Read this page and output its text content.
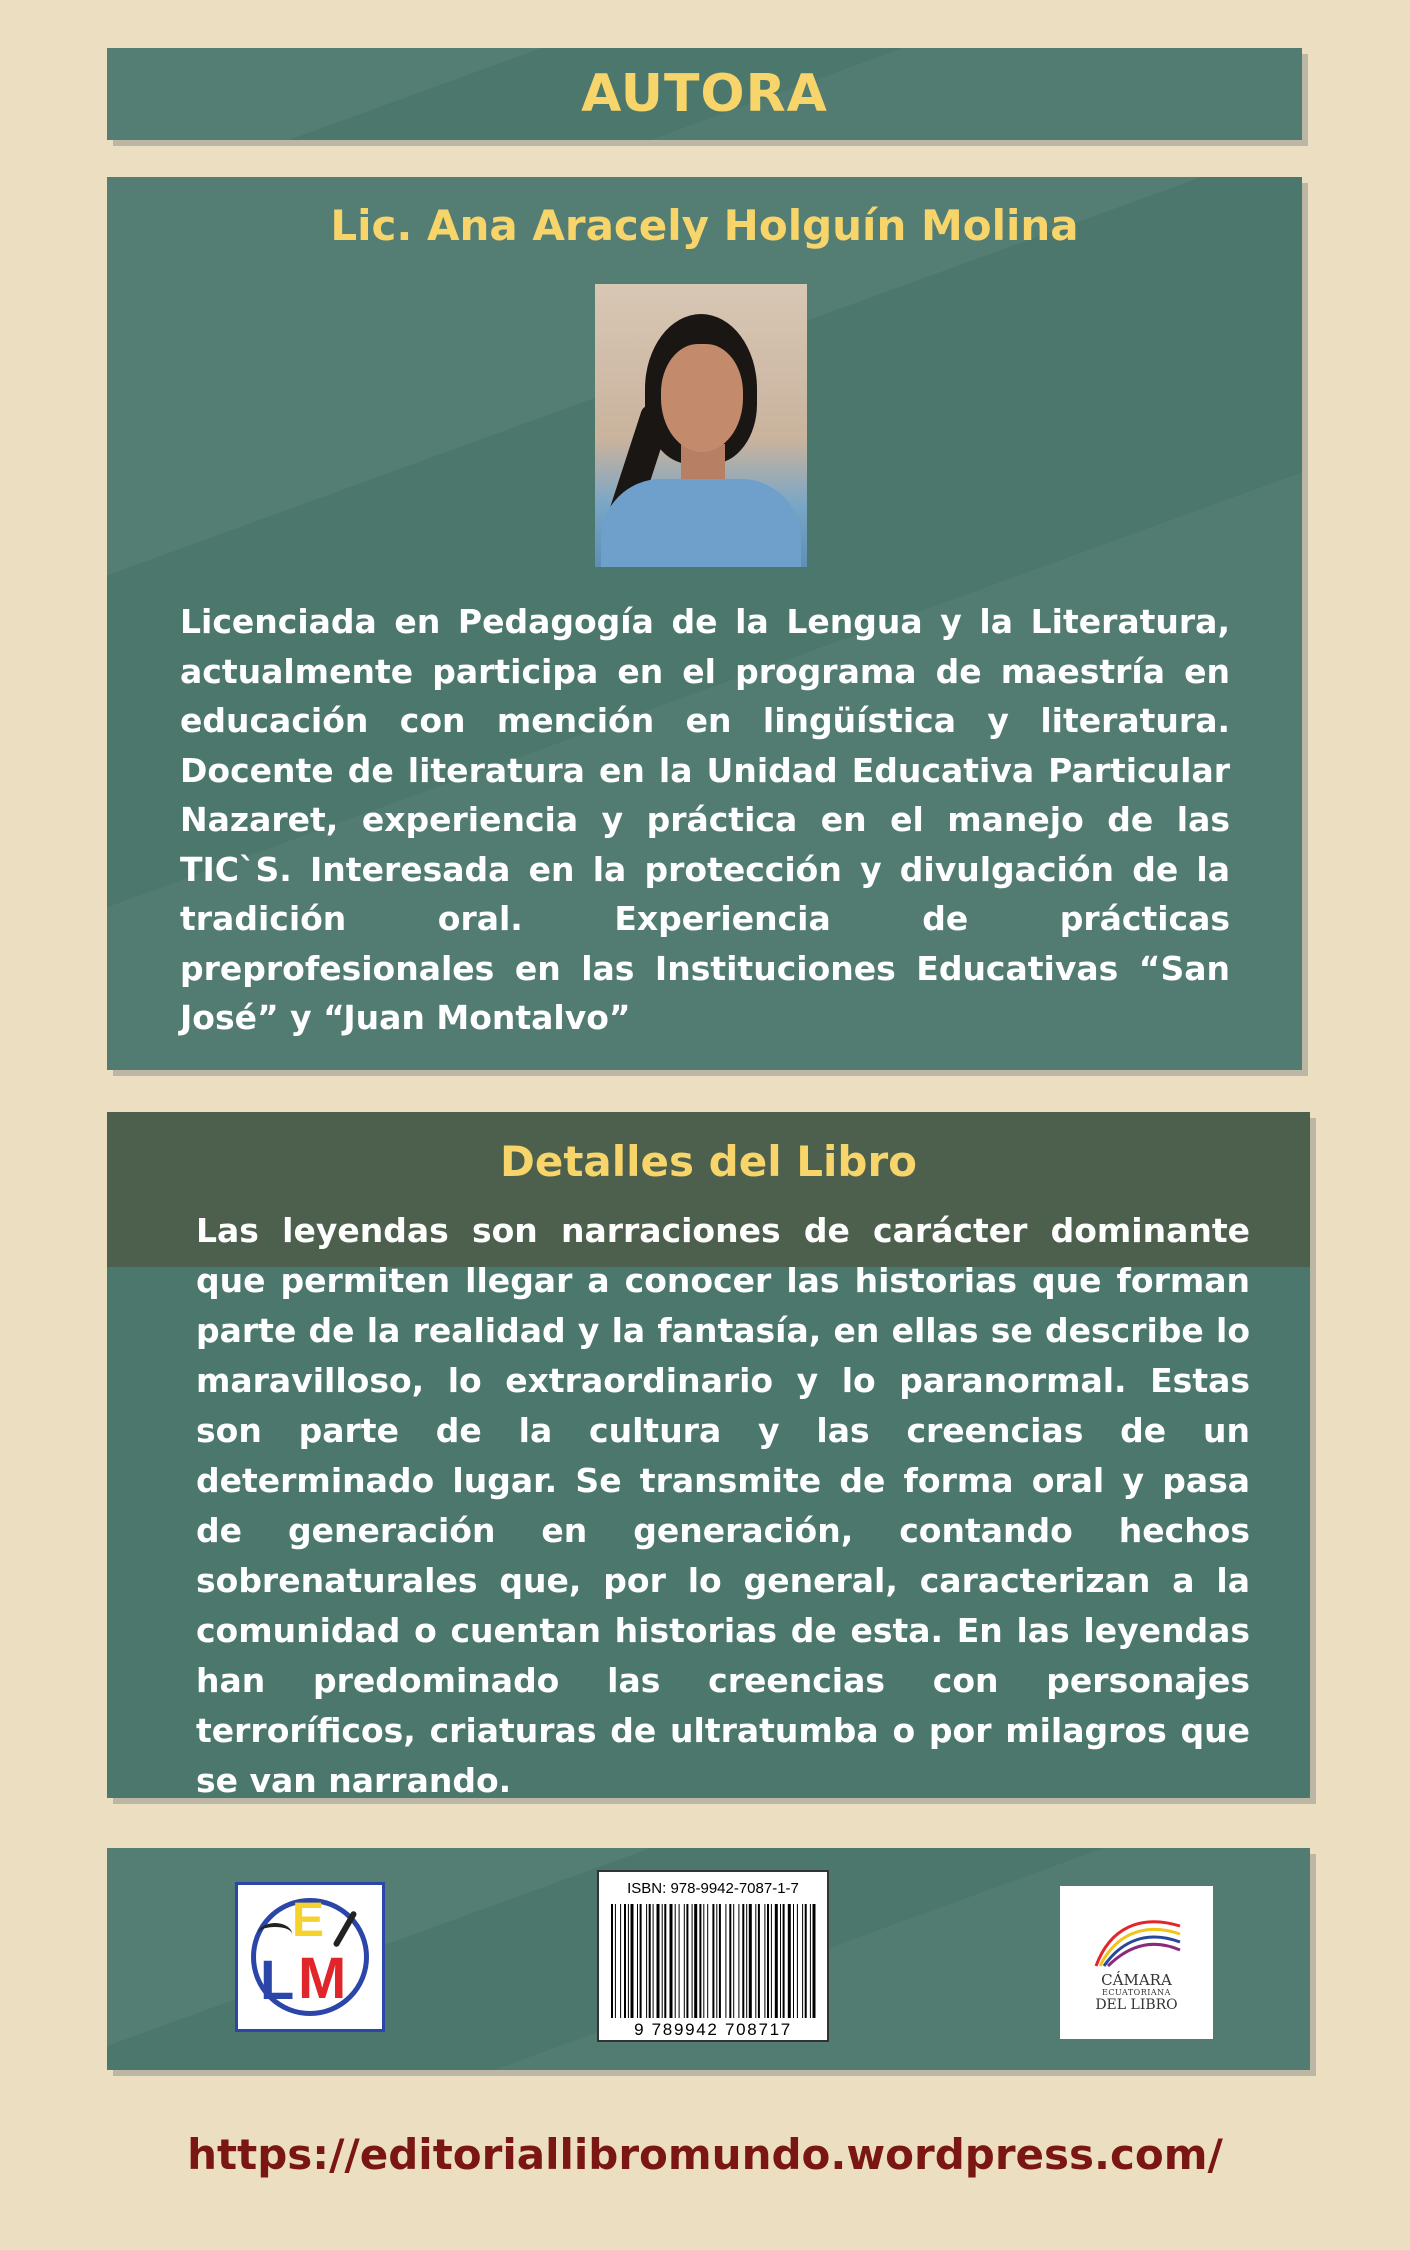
AUTORA
Lic. Ana Aracely Holguín Molina
Licenciada en Pedagogía de la Lengua y la Literatura, actualmente participa en el programa de maestría en educación con mención en lingüística y literatura. Docente de literatura en la Unidad Educativa Particular Nazaret, experiencia y práctica en el manejo de las TIC`S. Interesada en la protección y divulgación de la tradición oral. Experiencia de prácticas preprofesionales en las Instituciones Educativas “San José” y “Juan Montalvo”
Detalles del Libro
Las leyendas son narraciones de carácter dominante que permiten llegar a conocer las historias que forman parte de la realidad y la fantasía, en ellas se describe lo maravilloso, lo extraordinario y lo paranormal. Estas son parte de la cultura y las creencias de un determinado lugar. Se transmite de forma oral y pasa de generación en generación, contando hechos sobrenaturales que, por lo general, caracterizan a la comunidad o cuentan historias de esta. En las leyendas han predominado las creencias con personajes terroríficos, criaturas de ultratumba o por milagros que se van narrando.
E
L M
ISBN: 978-9942-7087-1-7
9 789942 708717
CÁMARA
ECUATORIANA
DEL LIBRO
https://editoriallibromundo.wordpress.com/
